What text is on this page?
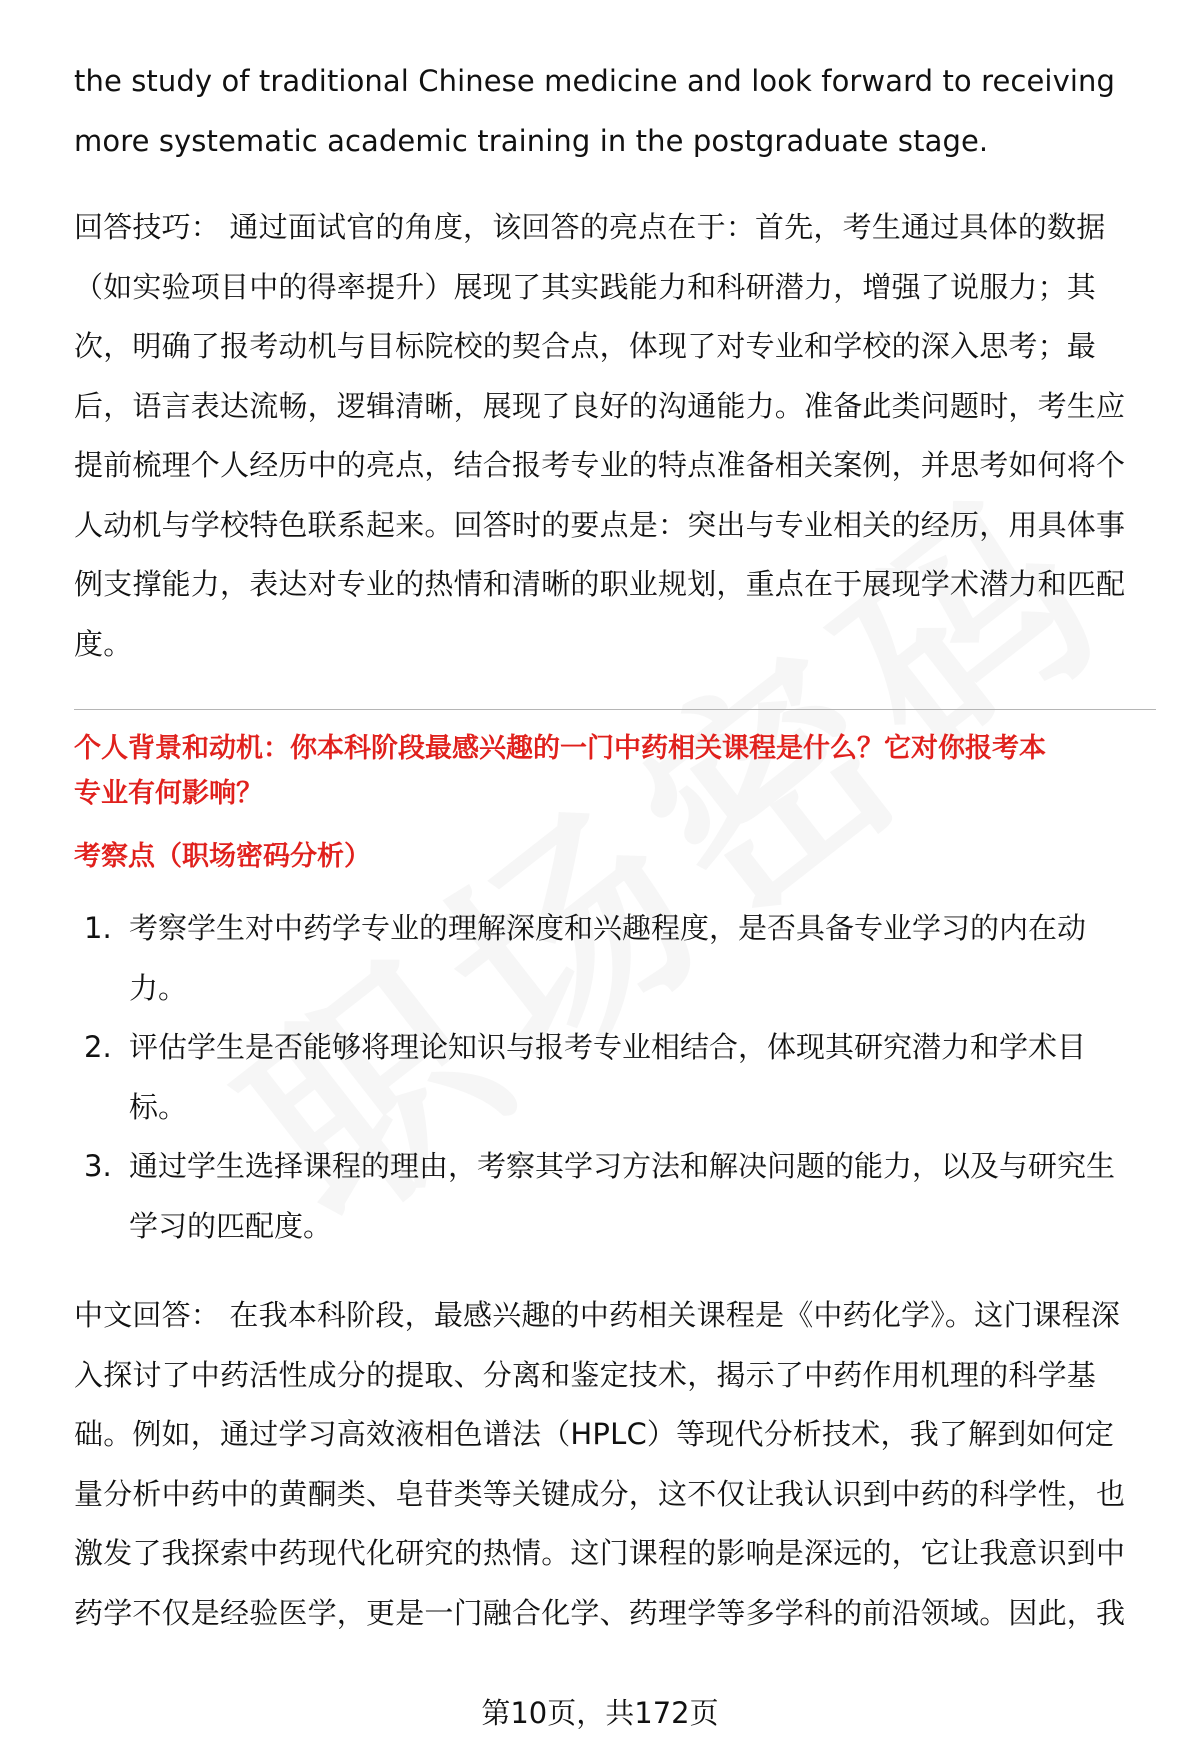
the study of traditional Chinese medicine and look forward to receiving

more systematic academic training in the postgraduate stage.

回答技巧： 通过面试官的角度，该回答的亮点在于：首先，考生通过具体的数据

（如实验项目中的得率提升）展现了其实践能力和科研潜力，增强了说服力；其

次，明确了报考动机与目标院校的契合点，体现了对专业和学校的深入思考；最

后，语言表达流畅，逻辑清晰，展现了良好的沟通能力。准备此类问题时，考生应

提前梳理个人经历中的亮点，结合报考专业的特点准备相关案例，并思考如何将个

人动机与学校特色联系起来。回答时的要点是：突出与专业相关的经历，用具体事

例支撑能力，表达对专业的热情和清晰的职业规划，重点在于展现学术潜力和匹配

度。

个人背景和动机：你本科阶段最感兴趣的一门中药相关课程是什么？它对你报考本

专业有何影响？

考察点（职场密码分析）

1. 考察学生对中药学专业的理解深度和兴趣程度，是否具备专业学习的内在动
力。
2. 评估学生是否能够将理论知识与报考专业相结合，体现其研究潜力和学术目
标。
3. 通过学生选择课程的理由，考察其学习方法和解决问题的能力，以及与研究生
学习的匹配度。

中文回答： 在我本科阶段，最感兴趣的中药相关课程是《中药化学》。这门课程深

入探讨了中药活性成分的提取、分离和鉴定技术，揭示了中药作用机理的科学基

础。例如，通过学习高效液相色谱法（HPLC）等现代分析技术，我了解到如何定

量分析中药中的黄酮类、皂苷类等关键成分，这不仅让我认识到中药的科学性，也

激发了我探索中药现代化研究的热情。这门课程的影响是深远的，它让我意识到中

药学不仅是经验医学，更是一门融合化学、药理学等多学科的前沿领域。因此，我

第10页，共172页
